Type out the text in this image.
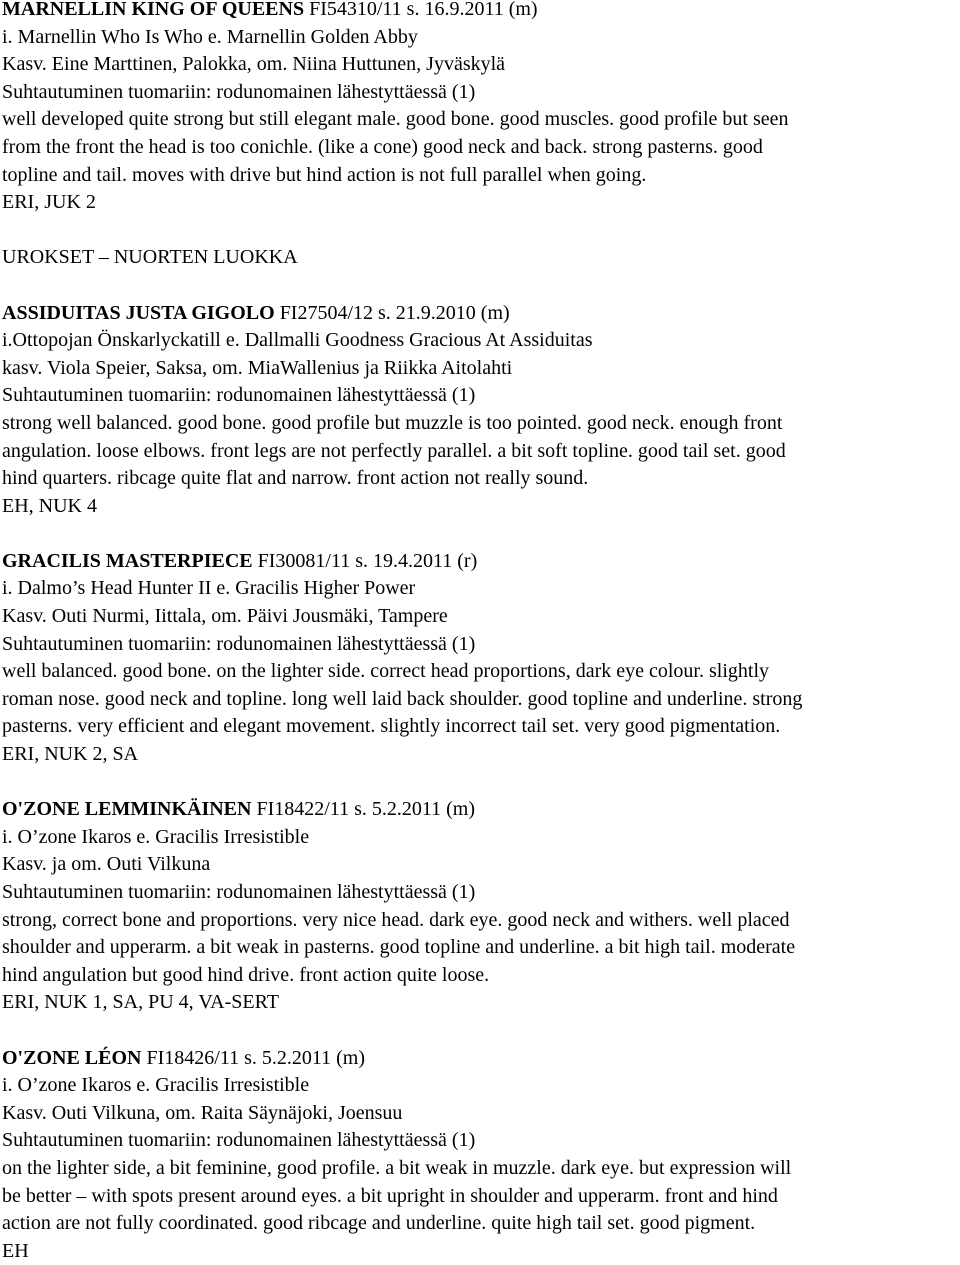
MARNELLIN KING OF QUEENS FI54310/11 s. 16.9.2011 (m)
i. Marnellin Who Is Who e. Marnellin Golden Abby
Kasv. Eine Marttinen, Palokka, om. Niina Huttunen, Jyväskylä
Suhtautuminen tuomariin: rodunomainen lähestyttäessä (1)
well developed quite strong but still elegant male. good bone. good muscles. good profile but seen
from the front the head is too conichle. (like a cone) good neck and back. strong pasterns. good
topline and tail. moves with drive but hind action is not full parallel when going.
ERI, JUK 2
UROKSET – NUORTEN LUOKKA
ASSIDUITAS JUSTA GIGOLO FI27504/12 s. 21.9.2010 (m)
i.Ottopojan Önskarlyckatill e. Dallmalli Goodness Gracious At Assiduitas
kasv. Viola Speier, Saksa, om. MiaWallenius ja Riikka Aitolahti
Suhtautuminen tuomariin: rodunomainen lähestyttäessä (1)
strong well balanced. good bone. good profile but muzzle is too pointed. good neck. enough front
angulation. loose elbows. front legs are not perfectly parallel. a bit soft topline. good tail set. good
hind quarters. ribcage quite flat and narrow. front action not really sound.
EH, NUK 4
GRACILIS MASTERPIECE FI30081/11 s. 19.4.2011 (r)
i. Dalmo’s Head Hunter II e. Gracilis Higher Power
Kasv. Outi Nurmi, Iittala, om. Päivi Jousmäki, Tampere
Suhtautuminen tuomariin: rodunomainen lähestyttäessä (1)
well balanced. good bone. on the lighter side. correct head proportions, dark eye colour. slightly
roman nose. good neck and topline. long well laid back shoulder. good topline and underline. strong
pasterns. very efficient and elegant movement. slightly incorrect tail set. very good pigmentation.
ERI, NUK 2, SA
O'ZONE LEMMINKÄINEN FI18422/11 s. 5.2.2011 (m)
i. O’zone Ikaros e. Gracilis Irresistible
Kasv. ja om. Outi Vilkuna
Suhtautuminen tuomariin: rodunomainen lähestyttäessä (1)
strong, correct bone and proportions. very nice head. dark eye. good neck and withers. well placed
shoulder and upperarm. a bit weak in pasterns. good topline and underline. a bit high tail. moderate
hind angulation but good hind drive. front action quite loose.
ERI, NUK 1, SA, PU 4, VA-SERT
O'ZONE LÉON FI18426/11 s. 5.2.2011 (m)
i. O’zone Ikaros e. Gracilis Irresistible
Kasv. Outi Vilkuna, om. Raita Säynäjoki, Joensuu
Suhtautuminen tuomariin: rodunomainen lähestyttäessä (1)
on the lighter side, a bit feminine, good profile. a bit weak in muzzle. dark eye. but expression will
be better – with spots present around eyes. a bit upright in shoulder and upperarm. front and hind
action are not fully coordinated. good ribcage and underline. quite high tail set. good pigment.
EH
